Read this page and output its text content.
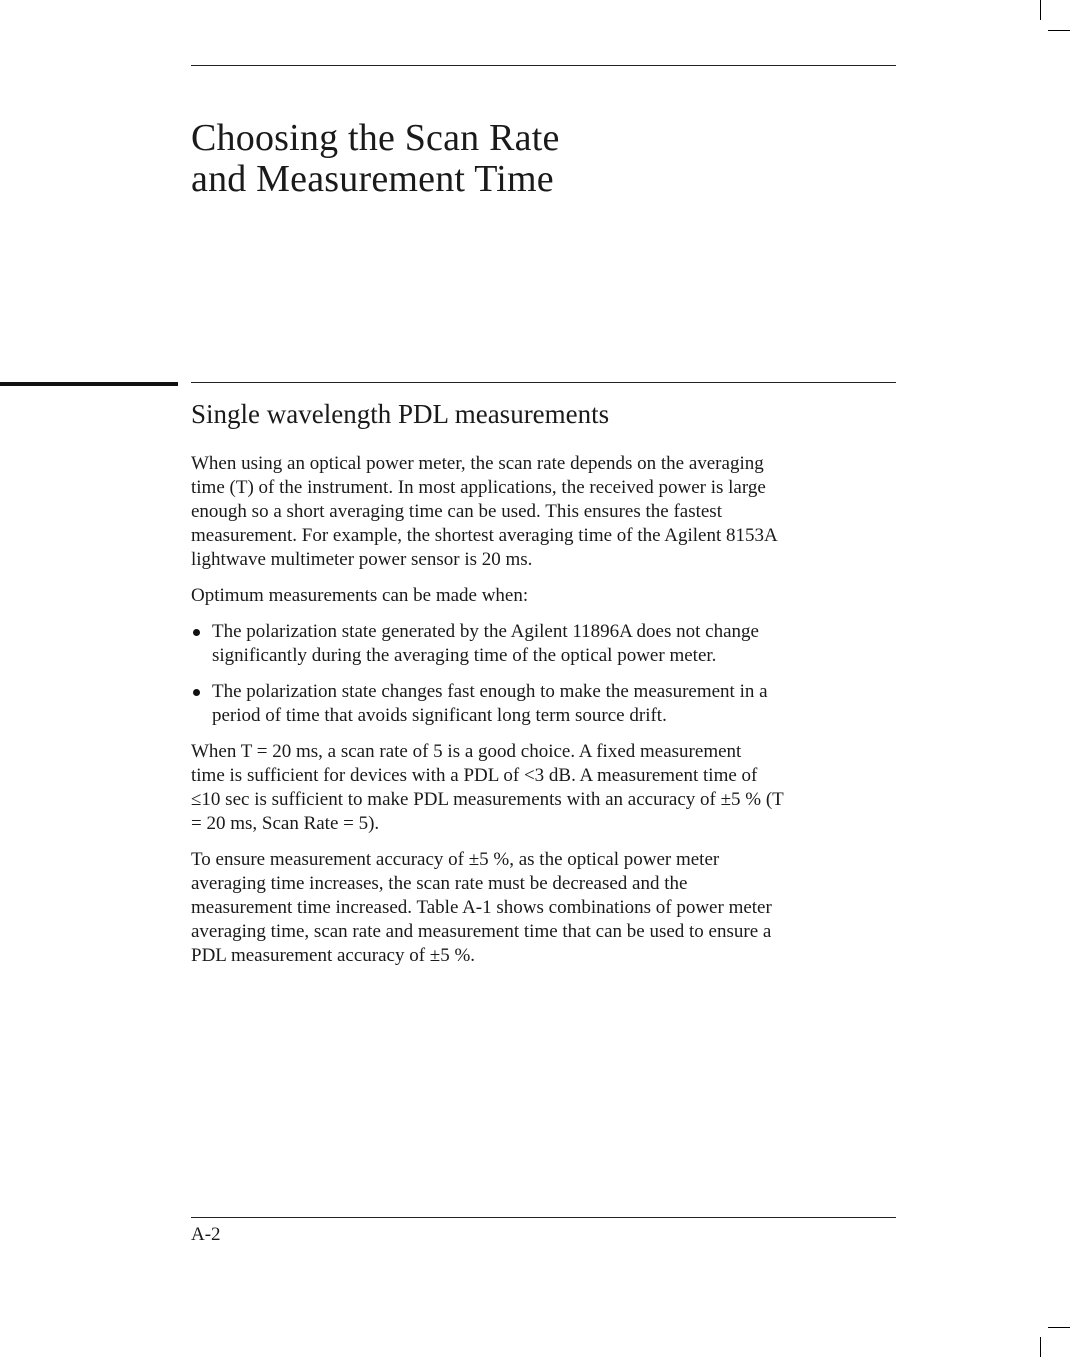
Choosing the Scan Rate
and Measurement Time
Single wavelength PDL measurements

When using an optical power meter, the scan rate depends on the averaging
time (T) of the instrument. In most applications, the received power is large
enough so a short averaging time can be used. This ensures the fastest
measurement. For example, the shortest averaging time of the Agilent 8153A
lightwave multimeter power sensor is 20 ms.

Optimum measurements can be made when:

The polarization state generated by the Agilent 11896A does not change
significantly during the averaging time of the optical power meter.
The polarization state changes fast enough to make the measurement in a
period of time that avoids significant long term source drift.

When T = 20 ms, a scan rate of 5 is a good choice. A fixed measurement
time is sufficient for devices with a PDL of <3 dB. A measurement time of
≤10 sec is sufficient to make PDL measurements with an accuracy of ±5 % (T
= 20 ms, Scan Rate = 5).

To ensure measurement accuracy of ±5 %, as the optical power meter
averaging time increases, the scan rate must be decreased and the
measurement time increased. Table A-1 shows combinations of power meter
averaging time, scan rate and measurement time that can be used to ensure a
PDL measurement accuracy of ±5 %.

A-2
